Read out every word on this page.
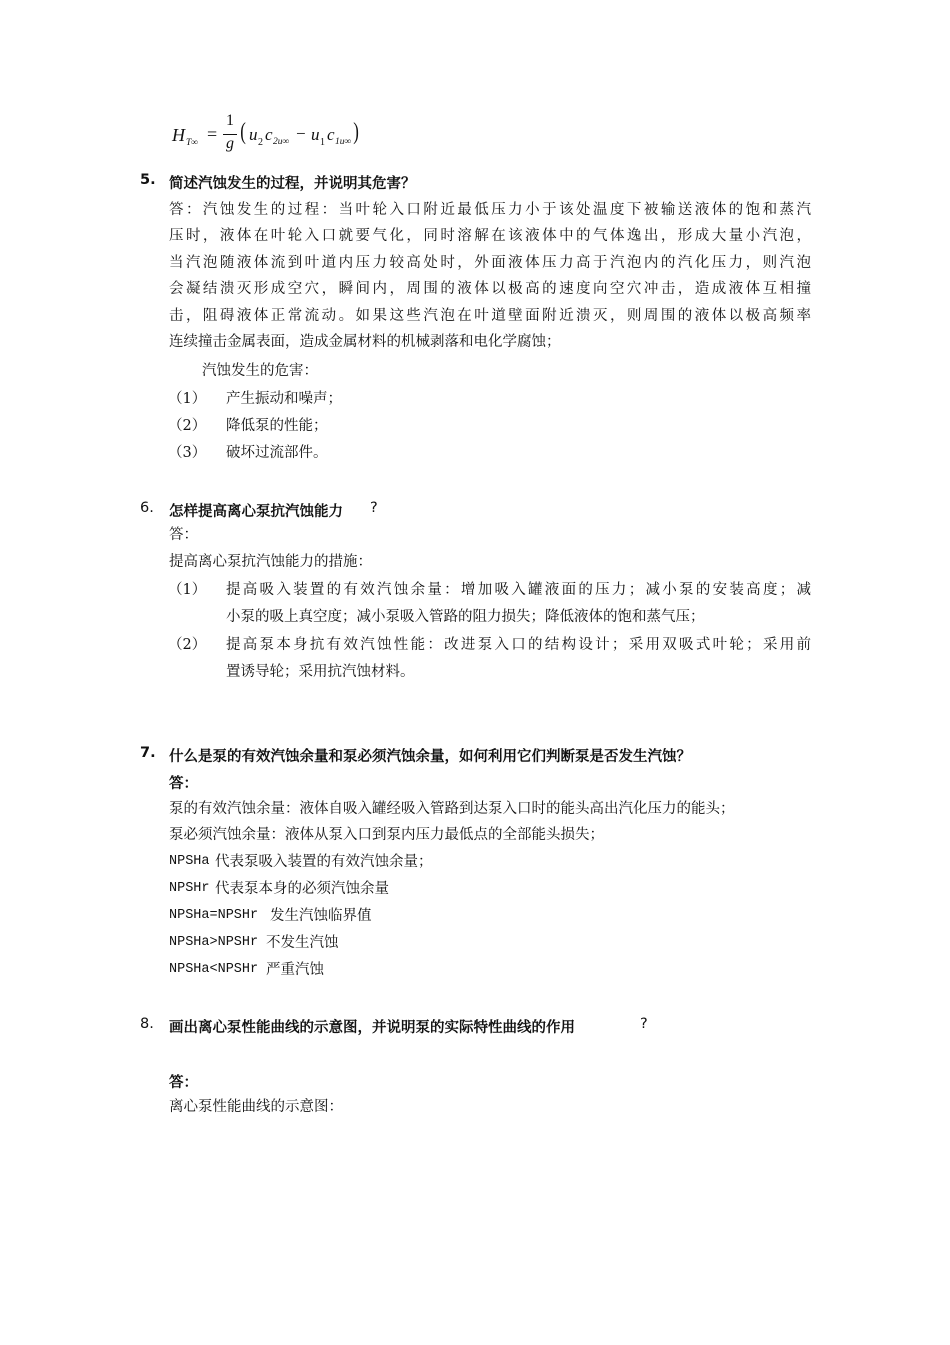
H T∞ =
1
g ( u 2 c 2u∞ − u 1 c 1u∞ )
5. 简述汽蚀发生的过程，并说明其危害？
答：汽蚀发生的过程：当叶轮入口附近最低压力小于该处温度下被输送液体的饱和蒸汽
压时，液体在叶轮入口就要气化，同时溶解在该液体中的气体逸出，形成大量小汽泡，
当汽泡随液体流到叶道内压力较高处时，外面液体压力高于汽泡内的汽化压力，则汽泡
会凝结溃灭形成空穴，瞬间内，周围的液体以极高的速度向空穴冲击，造成液体互相撞
击，阻碍液体正常流动。如果这些汽泡在叶道壁面附近溃灭，则周围的液体以极高频率
连续撞击金属表面，造成金属材料的机械剥落和电化学腐蚀；
汽蚀发生的危害：
（1） 产生振动和噪声；
（2） 降低泵的性能；
（3） 破坏过流部件。
6. 怎样提高离心泵抗汽蚀能力 ?
答：
提高离心泵抗汽蚀能力的措施：
（1） 提高吸入装置的有效汽蚀余量：增加吸入罐液面的压力；减小泵的安装高度；减
小泵的吸上真空度；减小泵吸入管路的阻力损失；降低液体的饱和蒸气压；
（2） 提高泵本身抗有效汽蚀性能：改进泵入口的结构设计；采用双吸式叶轮；采用前
置诱导轮；采用抗汽蚀材料。
7. 什么是泵的有效汽蚀余量和泵必须汽蚀余量，如何利用它们判断泵是否发生汽蚀？
答：
泵的有效汽蚀余量：液体自吸入罐经吸入管路到达泵入口时的能头高出汽化压力的能头；
泵必须汽蚀余量：液体从泵入口到泵内压力最低点的全部能头损失；
NPSHa 代表泵吸入装置的有效汽蚀余量；
NPSHr 代表泵本身的必须汽蚀余量
NPSHa=NPSHr 发生汽蚀临界值
NPSHa>NPSHr 不发生汽蚀
NPSHa<NPSHr 严重汽蚀
8. 画出离心泵性能曲线的示意图，并说明泵的实际特性曲线的作用	?
答：
离心泵性能曲线的示意图：
